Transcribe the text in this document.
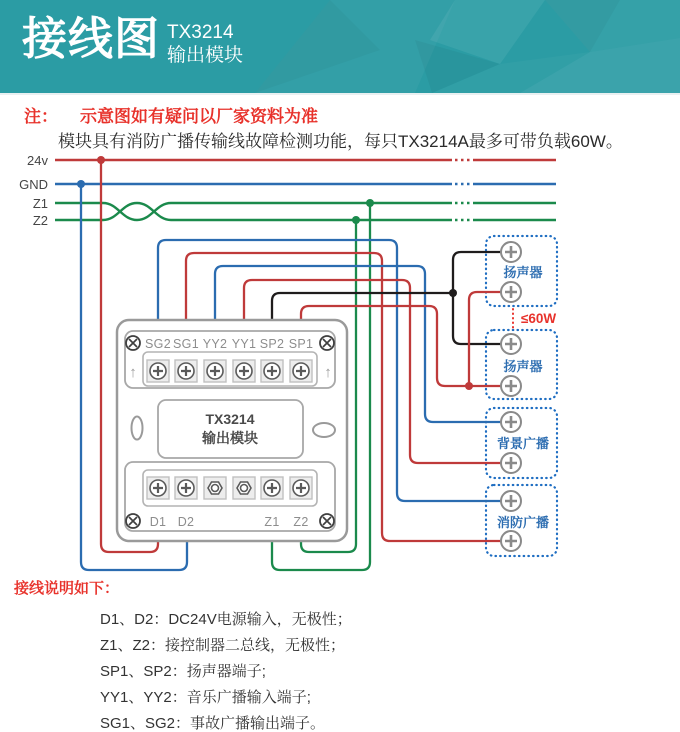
接线图 TX3214
输出模块
注： 示意图如有疑问以厂家资料为准
模块具有消防广播传输线故障检测功能，每只TX3214A最多可带负载60W。
24v
GND
Z1
Z2
SG2 SG1 YY2 YY1 SP2 SP1
↑	↑
TX3214
输出模块
D1 D2	Z1 Z2
扬声器
扬声器
背景广播
消防广播
≤60W
接线说明如下：
D1、D2：DC24V电源输入，无极性；
Z1、Z2：接控制器二总线，无极性；
SP1、SP2：扬声器端子;
YY1、YY2：音乐广播输入端子;
SG1、SG2：事故广播输出端子。
